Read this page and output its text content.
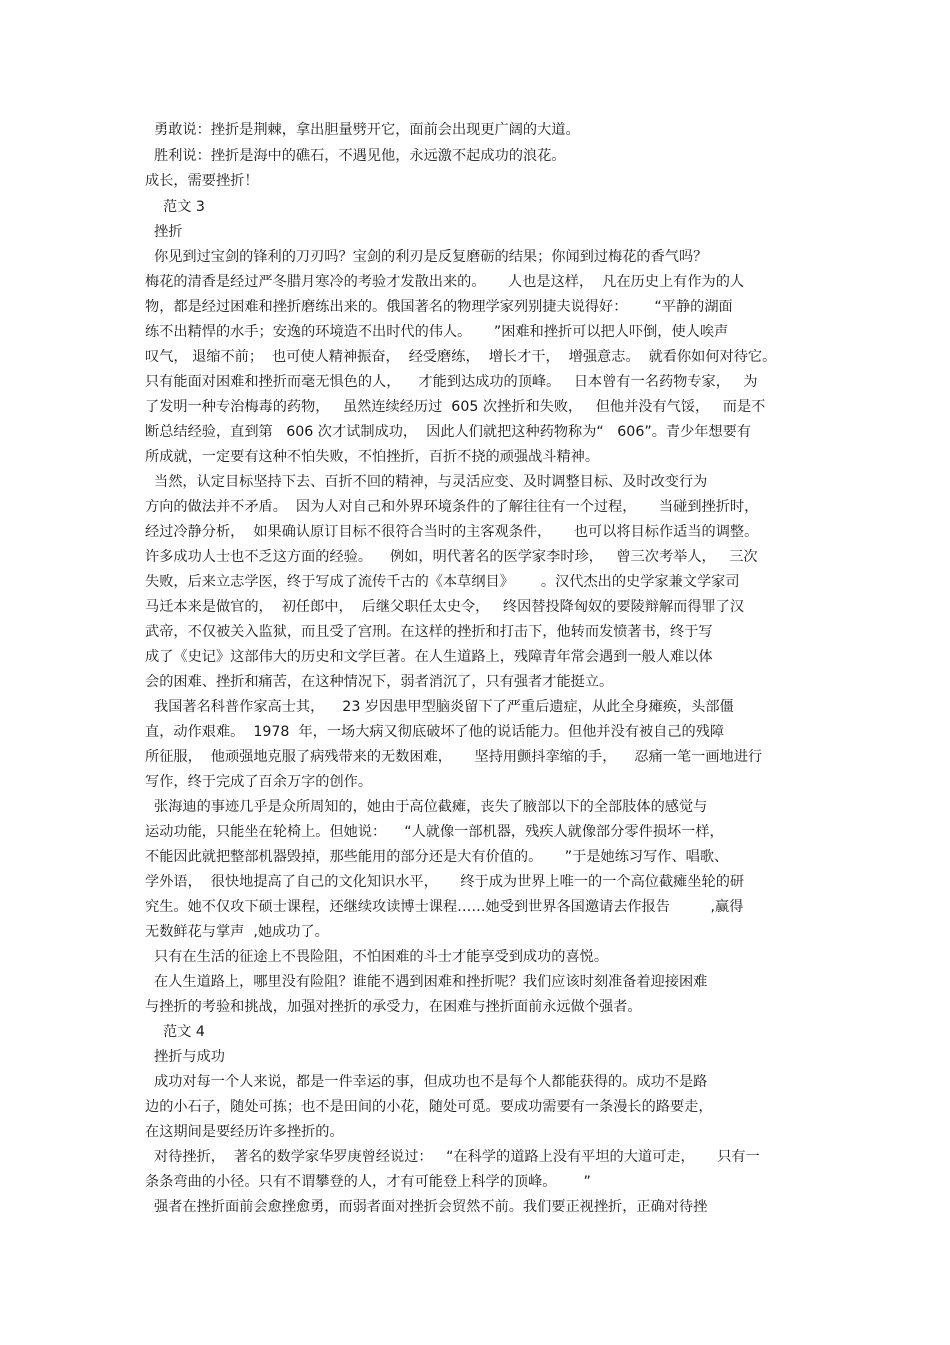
勇敢说：挫折是荆棘，拿出胆量劈开它，面前会出现更广阔的大道。
胜利说：挫折是海中的礁石，不遇见他，永远激不起成功的浪花。
成长，需要挫折！
范文 3
挫折
你见到过宝剑的锋利的刀刃吗？宝剑的利刃是反复磨砺的结果；你闻到过梅花的香气吗？
梅花的清香是经过严冬腊月寒冷的考验才发散出来的。     人也是这样，  凡在历史上有作为的人
物，都是经过困难和挫折磨练出来的。俄国著名的物理学家列别捷夫说得好：      “平静的湖面
练不出精悍的水手；安逸的环境造不出时代的伟人。     ”困难和挫折可以把人吓倒，使人唉声
叹气， 退缩不前；  也可使人精神振奋，  经受磨练，  增长才干，  增强意志。  就看你如何对待它。
只有能面对困难和挫折而毫无惧色的人，    才能到达成功的顶峰。   日本曾有一名药物专家，   为
了发明一种专治梅毒的药物，   虽然连续经历过  605 次挫折和失败，   但他并没有气馁，   而是不
断总结经验，直到第   606 次才试制成功，  因此人们就把这种药物称为“   606”。青少年想要有
所成就，一定要有这种不怕失败，不怕挫折，百折不挠的顽强战斗精神。
当然，认定目标坚持下去、百折不回的精神，与灵活应变、及时调整目标、及时改变行为
方向的做法并不矛盾。  因为人对自己和外界环境条件的了解往往有一个过程，     当碰到挫折时，
经过冷静分析，  如果确认原订目标不很符合当时的主客观条件，     也可以将目标作适当的调整。
许多成功人士也不乏这方面的经验。    例如，明代著名的医学家李时珍，   曾三次考举人，   三次
失败，后来立志学医，终于写成了流传千古的《本草纲目》      。汉代杰出的史学家兼文学家司
马迁本来是做官的，  初任郎中，  后继父职任太史令，   终因替投降匈奴的要陵辩解而得罪了汉
武帝，不仅被关入监狱，而且受了宫刑。在这样的挫折和打击下，他转而发愤著书，终于写
成了《史记》这部伟大的历史和文学巨著。在人生道路上，残障青年常会遇到一般人难以体
会的困难、挫折和痛苦，在这种情况下，弱者消沉了，只有强者才能挺立。
我国著名科普作家高士其，    23 岁因患甲型脑炎留下了严重后遗症，从此全身瘫痪，头部僵
直，动作艰难。  1978  年，一场大病又彻底破坏了他的说话能力。但他并没有被自己的残障
所征服，  他顽强地克服了病残带来的无数困难，     坚持用颤抖挛缩的手，    忍痛一笔一画地进行
写作，终于完成了百余万字的创作。
张海迪的事迹几乎是众所周知的，她由于高位截瘫，丧失了腋部以下的全部肢体的感觉与
运动功能，只能坐在轮椅上。但她说：    “人就像一部机器，残疾人就像部分零件损坏一样，
不能因此就把整部机器毁掉，那些能用的部分还是大有价值的。     ”于是她练习写作、唱歌、
学外语，  很快地提高了自己的文化知识水平，     终于成为世界上唯一的一个高位截瘫坐轮的研
究生。她不仅攻下硕士课程，还继续攻读博士课程……她受到世界各国邀请去作报告         ,赢得
无数鲜花与掌声  ,她成功了。
只有在生活的征途上不畏险阻，不怕困难的斗士才能享受到成功的喜悦。
在人生道路上，哪里没有险阻？谁能不遇到困难和挫折呢？我们应该时刻准备着迎接困难
与挫折的考验和挑战，加强对挫折的承受力，在困难与挫折面前永远做个强者。
范文 4
挫折与成功
成功对每一个人来说，都是一件幸运的事，但成功也不是每个人都能获得的。成功不是路
边的小石子，随处可拣；也不是田间的小花，随处可觅。要成功需要有一条漫长的路要走，
在这期间是要经历许多挫折的。
对待挫折，  著名的数学家华罗庚曾经说过：   “在科学的道路上没有平坦的大道可走，     只有一
条条弯曲的小径。只有不谓攀登的人，才有可能登上科学的顶峰。      ”
强者在挫折面前会愈挫愈勇，而弱者面对挫折会贸然不前。我们要正视挫折，正确对待挫
